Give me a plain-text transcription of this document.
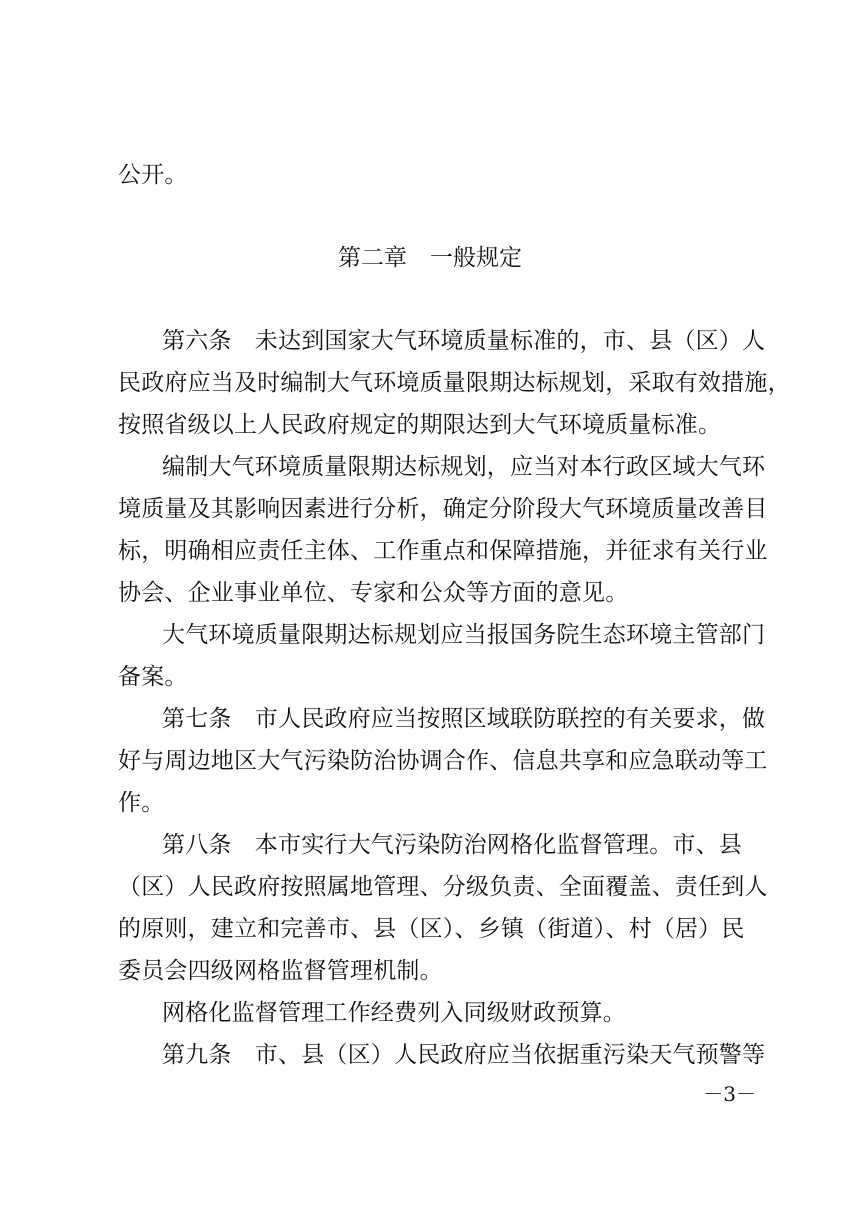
公开。
第二章　一般规定
第六条　未达到国家大气环境质量标准的，市、县（区）人
民政府应当及时编制大气环境质量限期达标规划，采取有效措施，
按照省级以上人民政府规定的期限达到大气环境质量标准。
编制大气环境质量限期达标规划，应当对本行政区域大气环
境质量及其影响因素进行分析，确定分阶段大气环境质量改善目
标，明确相应责任主体、工作重点和保障措施，并征求有关行业
协会、企业事业单位、专家和公众等方面的意见。
大气环境质量限期达标规划应当报国务院生态环境主管部门
备案。
第七条　市人民政府应当按照区域联防联控的有关要求，做
好与周边地区大气污染防治协调合作、信息共享和应急联动等工
作。
第八条　本市实行大气污染防治网格化监督管理。市、县
（区）人民政府按照属地管理、分级负责、全面覆盖、责任到人
的原则，建立和完善市、县（区）、乡镇（街道）、村（居）民
委员会四级网格监督管理机制。
网格化监督管理工作经费列入同级财政预算。
第九条　市、县（区）人民政府应当依据重污染天气预警等
－3－
